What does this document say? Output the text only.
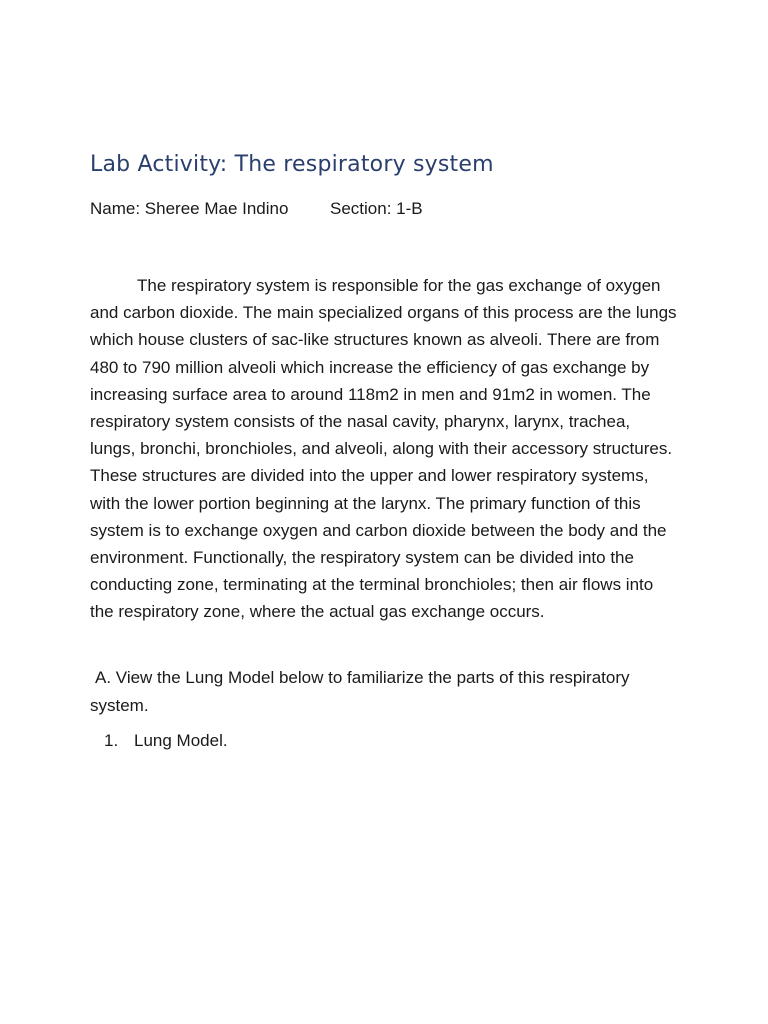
Lab Activity: The respiratory system
Name: Sheree Mae Indino Section: 1-B

The respiratory system is responsible for the gas exchange of oxygen and carbon dioxide. The main specialized organs of this process are the lungs which house clusters of sac-like structures known as alveoli. There are from 480 to 790 million alveoli which increase the efficiency of gas exchange by increasing surface area to around 118m2 in men and 91m2 in women. The respiratory system consists of the nasal cavity, pharynx, larynx, trachea, lungs, bronchi, bronchioles, and alveoli, along with their accessory structures. These structures are divided into the upper and lower respiratory systems, with the lower portion beginning at the larynx. The primary function of this system is to exchange oxygen and carbon dioxide between the body and the environment. Functionally, the respiratory system can be divided into the conducting zone, terminating at the terminal bronchioles; then air flows into the respiratory zone, where the actual gas exchange occurs.

A. View the Lung Model below to familiarize the parts of this respiratory system.

1. Lung Model.
